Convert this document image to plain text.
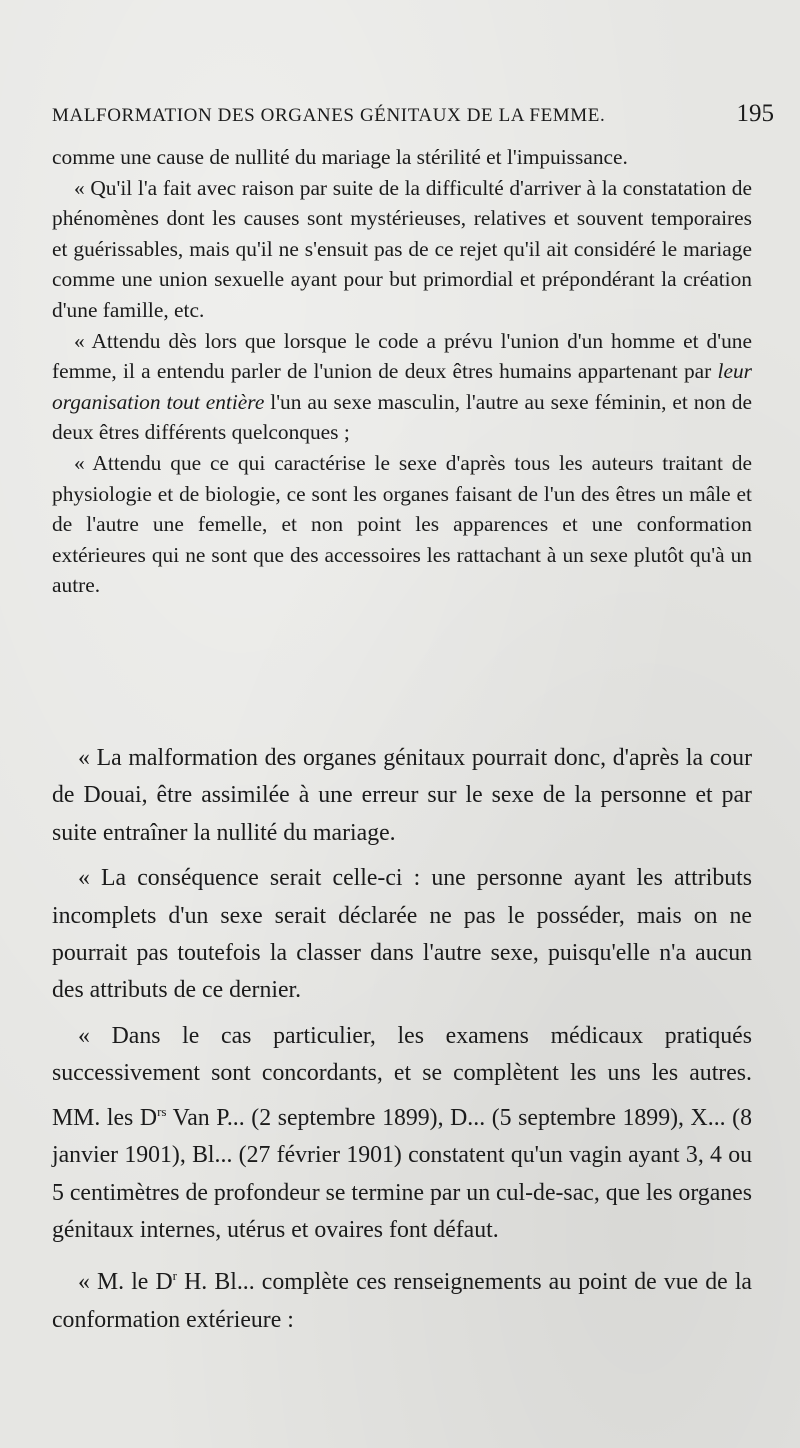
MALFORMATION DES ORGANES GÉNITAUX DE LA FEMME.	195

comme une cause de nullité du mariage la stérilité et l'impuissance.

« Qu'il l'a fait avec raison par suite de la difficulté d'arriver à la constatation de phénomènes dont les causes sont mystérieuses, relatives et souvent temporaires et guérissables, mais qu'il ne s'ensuit pas de ce rejet qu'il ait considéré le mariage comme une union sexuelle ayant pour but primordial et prépondérant la création d'une famille, etc.

« Attendu dès lors que lorsque le code a prévu l'union d'un homme et d'une femme, il a entendu parler de l'union de deux êtres humains appartenant par leur organisation tout entière l'un au sexe masculin, l'autre au sexe féminin, et non de deux êtres différents quelconques ;

« Attendu que ce qui caractérise le sexe d'après tous les auteurs traitant de physiologie et de biologie, ce sont les organes faisant de l'un des êtres un mâle et de l'autre une femelle, et non point les apparences et une conformation extérieures qui ne sont que des accessoires les rattachant à un sexe plutôt qu'à un autre.

« La malformation des organes génitaux pourrait donc, d'après la cour de Douai, être assimilée à une erreur sur le sexe de la personne et par suite entraîner la nullité du mariage.

« La conséquence serait celle-ci : une personne ayant les attributs incomplets d'un sexe serait déclarée ne pas le posséder, mais on ne pourrait pas toutefois la classer dans l'autre sexe, puisqu'elle n'a aucun des attributs de ce dernier.

« Dans le cas particulier, les examens médicaux pratiqués successivement sont concordants, et se complètent les uns les autres. MM. les $D^{rs}$ Van P... (2 septembre 1899), D... (5 septembre 1899), X... (8 janvier 1901), Bl... (27 février 1901) constatent qu'un vagin ayant 3, 4 ou 5 centimètres de profondeur se termine par un cul-de-sac, que les organes génitaux internes, utérus et ovaires font défaut.

« M. le $D^r$ H. Bl... complète ces renseignements au point de vue de la conformation extérieure :
